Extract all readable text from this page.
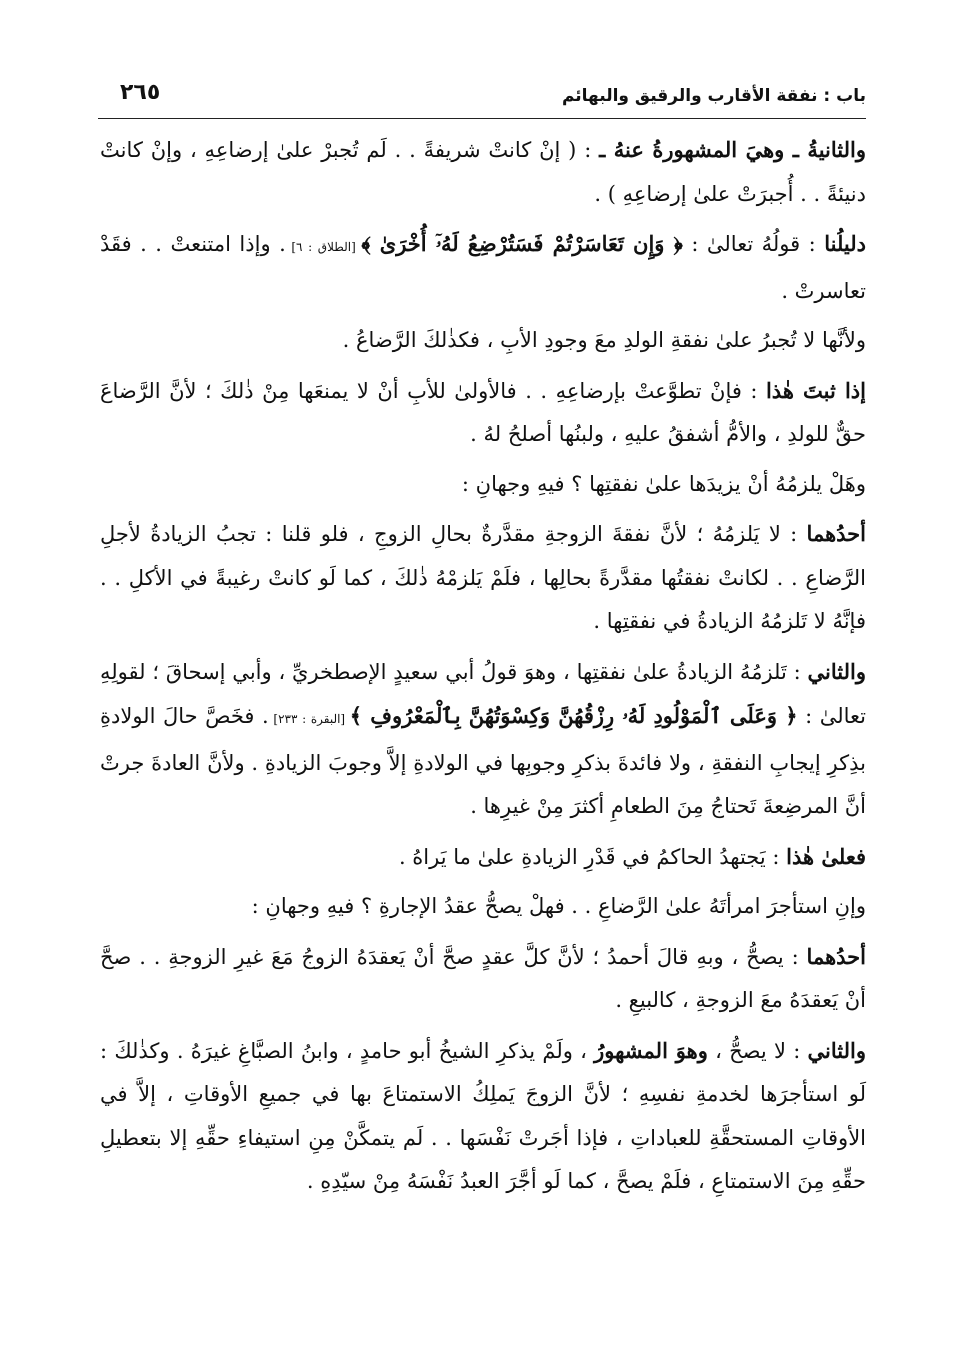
باب : نفقة الأقارب والرقيق والبهائم
٢٦٥

والثانيةُ ـ وهيَ المشهورةُ عنهُ ـ : ( إنْ كانتْ شريفةً . . لَم تُجبرْ علىٰ إرضاعِهِ ، وإنْ كانتْ دنيئةً . . أُجبرَتْ علىٰ إرضاعِهِ ) .

دليلُنا : قولُهُ تعالىٰ : ﴿ وَإِن تَعَاسَرْتُمْ فَسَتُرْضِعُ لَهُۥٓ أُخْرَىٰ ﴾ [الطلاق : ٦] . وإذا امتنعتْ . . فقَدْ تعاسرتْ .

ولأنَّها لا تُجبرُ علىٰ نفقةِ الولدِ معَ وجودِ الأبِ ، فكذٰلكَ الرَّضاعُ .

إذا ثبتَ هٰذا : فإنْ تطوَّعتْ بإرضاعِهِ . . فالأولىٰ للأبِ أنْ لا يمنعَها مِنْ ذٰلكَ ؛ لأنَّ الرَّضاعَ حقٌّ للولدِ ، والأمُّ أشفقُ عليهِ ، ولبنُها أصلحُ لهُ .

وهَلْ يلزمُهُ أنْ يزيدَها علىٰ نفقتِها ؟ فيهِ وجهانِ :

أحدُهما : لا يَلزمُهُ ؛ لأنَّ نفقةَ الزوجةِ مقدَّرةٌ بحالِ الزوجِ ، فلو قلنا : تجبُ الزيادةُ لأجلِ الرَّضاعِ . . لكانتْ نفقتُها مقدَّرةً بحالِها ، فلَمْ يَلزمْهُ ذٰلكَ ، كما لَو كانتْ رغيبةً في الأكلِ . . فإنَّهُ لا تَلزمُهُ الزيادةُ في نفقتِها .

والثاني : تَلزمُهُ الزيادةُ علىٰ نفقتِها ، وهوَ قولُ أبي سعيدٍ الإصطخريِّ ، وأبي إسحاقَ ؛ لقولِهِ تعالىٰ : ﴿ وَعَلَى ٱلْمَوْلُودِ لَهُۥ رِزْقُهُنَّ وَكِسْوَتُهُنَّ بِٱلْمَعْرُوفِ ﴾ [البقرة : ٢٣٣] . فخَصَّ حالَ الولادةِ بذِكرِ إيجابِ النفقةِ ، ولا فائدةَ بذكرِ وجوبِها في الولادةِ إلاَّ وجوبَ الزيادةِ . ولأنَّ العادةَ جرتْ أنَّ المرضِعةَ تَحتاجُ مِنَ الطعامِ أكثرَ مِنْ غيرِها .

فعلىٰ هٰذا : يَجتهدُ الحاكمُ في قَدْرِ الزيادةِ علىٰ ما يَراهُ .

وإنِ استأجرَ امرأتَهُ علىٰ الرَّضاعِ . . فهلْ يصحُّ عقدُ الإجارةِ ؟ فيهِ وجهانِ :

أحدُهما : يصحُّ ، وبهِ قالَ أحمدُ ؛ لأنَّ كلَّ عقدٍ صحَّ أنْ يَعقدَهُ الزوجُ مَعَ غيرِ الزوجةِ . . صحَّ أنْ يَعقدَهُ معَ الزوجةِ ، كالبيعِ .

والثاني : لا يصحُّ ، وهوَ المشهورُ ، ولَمْ يذكرِ الشيخُ أبو حامدٍ ، وابنُ الصبَّاغِ غيرَهُ . وكذٰلكَ : لَو استأجرَها لخدمةِ نفسِهِ ؛ لأنَّ الزوجَ يَملِكُ الاستمتاعَ بها في جميعِ الأوقاتِ ، إلاَّ في الأوقاتِ المستحقَّةِ للعباداتِ ، فإذا أجَرتْ نَفْسَها . . لَم يتمكَّنْ مِنِ استيفاءِ حقِّهِ إلا بتعطيلِ حقِّهِ مِنَ الاستمتاعِ ، فلَمْ يصحَّ ، كما لَو أجَّرَ العبدُ نَفْسَهُ مِنْ سيّدِهِ .
